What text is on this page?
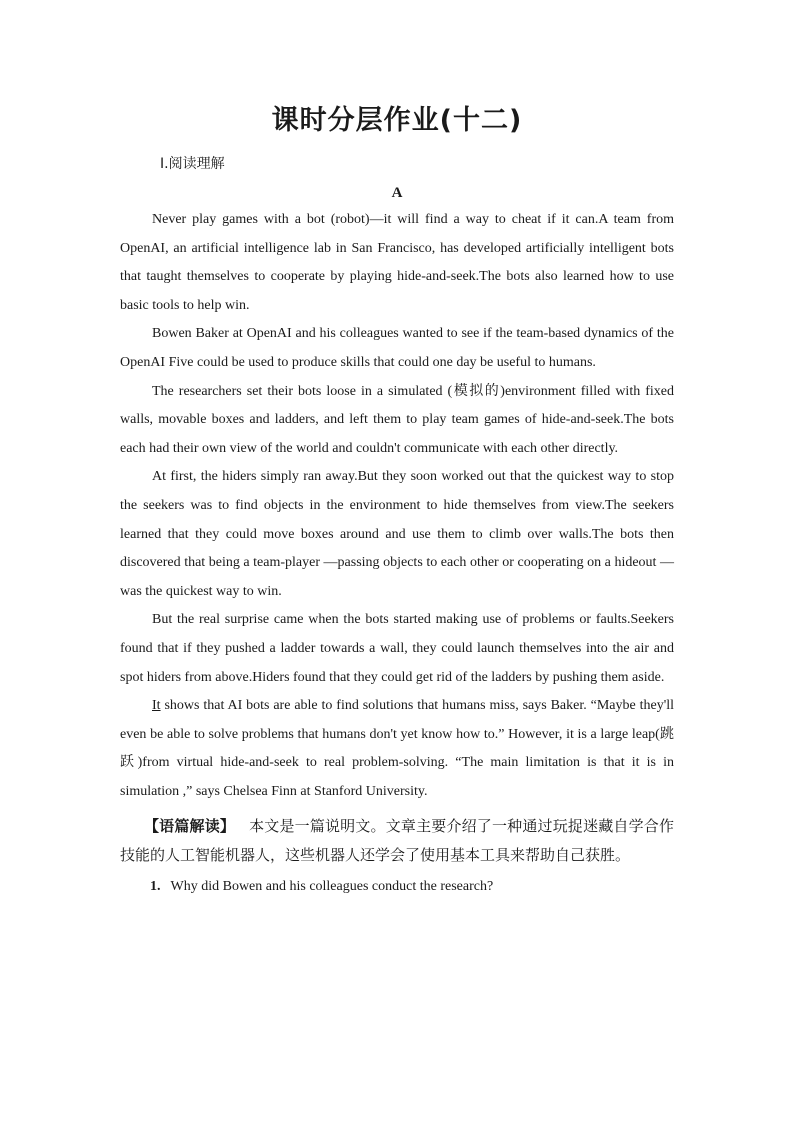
课时分层作业(十二)
Ⅰ.阅读理解
A

Never play games with a bot (robot)—it will find a way to cheat if it can.A team from OpenAI, an artificial intelligence lab in San Francisco, has developed artificially intelligent bots that taught themselves to cooperate by playing hide-and-seek.The bots also learned how to use basic tools to help win.

Bowen Baker at OpenAI and his colleagues wanted to see if the team-based dynamics of the OpenAI Five could be used to produce skills that could one day be useful to humans.

The researchers set their bots loose in a simulated (模拟的)environment filled with fixed walls, movable boxes and ladders, and left them to play team games of hide-and-seek.The bots each had their own view of the world and couldn't communicate with each other directly.

At first, the hiders simply ran away.But they soon worked out that the quickest way to stop the seekers was to find objects in the environment to hide themselves from view.The seekers learned that they could move boxes around and use them to climb over walls.The bots then discovered that being a team-player —passing objects to each other or cooperating on a hideout —was the quickest way to win.

But the real surprise came when the bots started making use of problems or faults.Seekers found that if they pushed a ladder towards a wall, they could launch themselves into the air and spot hiders from above.Hiders found that they could get rid of the ladders by pushing them aside.

It shows that AI bots are able to find solutions that humans miss, says Baker. “Maybe they'll even be able to solve problems that humans don't yet know how to.” However, it is a large leap(跳跃)from virtual hide-and-seek to real problem-solving. “The main limitation is that it is in simulation ,” says Chelsea Finn at Stanford University.

【语篇解读】 本文是一篇说明文。文章主要介绍了一种通过玩捉迷藏自学合作技能的人工智能机器人，这些机器人还学会了使用基本工具来帮助自己获胜。
1. Why did Bowen and his colleagues conduct the research?
